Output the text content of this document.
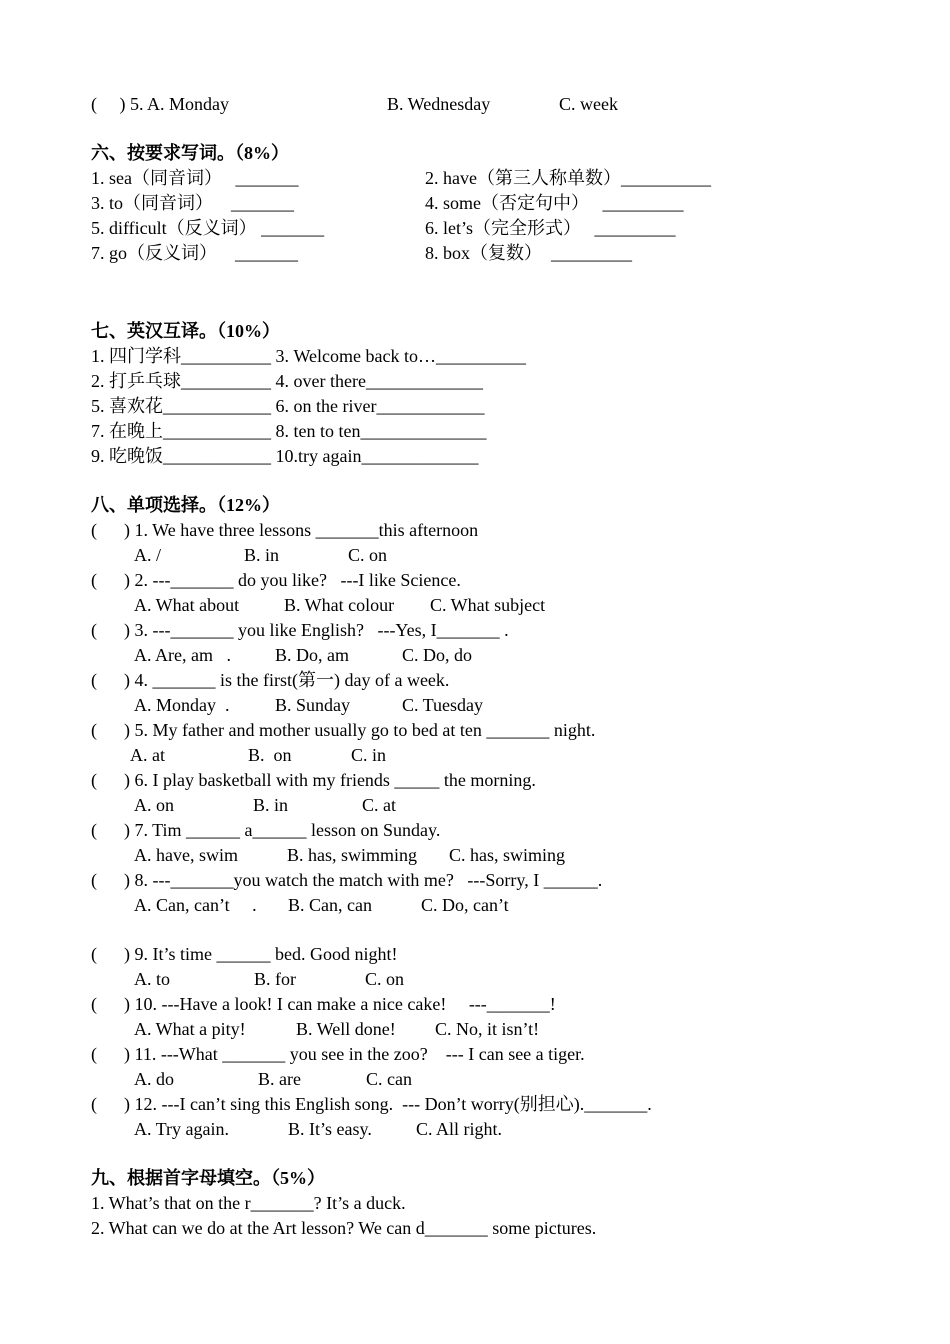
(     ) 5. A. Monday	B. Wednesday	C. week
六、按要求写词。（8%）
1. sea（同音词）   _______	2. have（第三人称单数）__________
3. to（同音词）    _______	4. some（否定句中）   _________
5. difficult（反义词） _______	6. let’s（完全形式）   _________
7. go（反义词）    _______	8. box（复数）  _________
七、英汉互译。（10%）
1. 四门学科__________ 3. Welcome back to…__________
2. 打乒乓球__________ 4. over there_____________
5. 喜欢花____________ 6. on the river____________
7. 在晚上____________ 8. ten to ten______________
9. 吃晚饭____________ 10.try again_____________
八、单项选择。（12%）
(      ) 1. We have three lessons _______this afternoon
A. /	B. in	C. on
(      ) 2. ---_______ do you like?   ---I like Science.
A. What about B. What colour C. What subject
(      ) 3. ---_______ you like English?   ---Yes, I_______ .
A. Are, am   . B. Do, am	C. Do, do
(      ) 4. _______ is the first(第一) day of a week.
A. Monday  .	B. Sunday	C. Tuesday
(      ) 5. My father and mother usually go to bed at ten _______ night.
A. at	B.  on	C. in
(      ) 6. I play basketball with my friends _____ the morning.
A. on	B. in	C. at
(      ) 7. Tim ______ a______ lesson on Sunday.
A. have, swim	B. has, swimming C. has, swiming
(      ) 8. ---_______you watch the match with me?   ---Sorry, I ______.
A. Can, can’t     . B. Can, can	C. Do, can’t
(      ) 9. It’s time ______ bed. Good night!
A. to	B. for	C. on
(      ) 10. ---Have a look! I can make a nice cake!     ---_______!
A. What a pity!	B. Well done! C. No, it isn’t!
(      ) 11. ---What _______ you see in the zoo?    --- I can see a tiger.
A. do	B. are	C. can
(      ) 12. ---I can’t sing this English song.  --- Don’t worry(别担心)._______.
A. Try again.	B. It’s easy. C. All right.
九、根据首字母填空。（5%）
1. What’s that on the r_______? It’s a duck.
2. What can we do at the Art lesson? We can d_______ some pictures.
